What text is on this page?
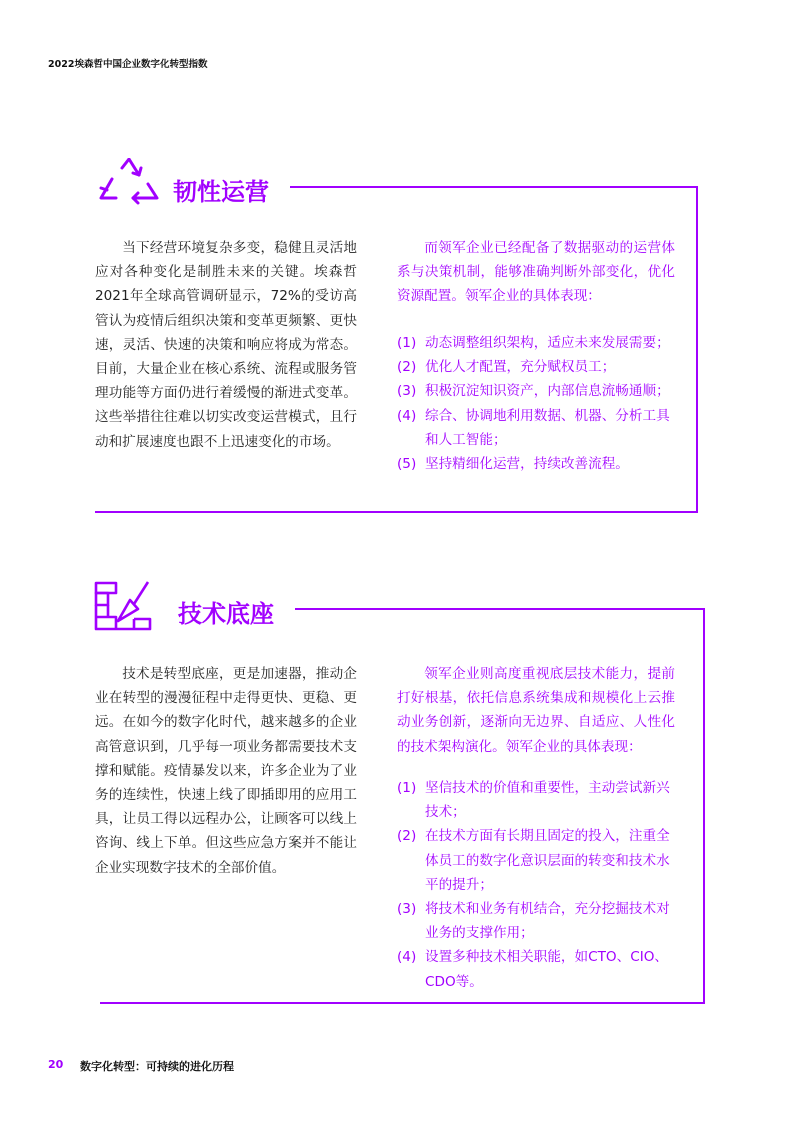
2022埃森哲中国企业数字化转型指数
韧性运营

当下经营环境复杂多变，稳健且灵活地应对各种变化是制胜未来的关键。埃森哲2021年全球高管调研显示，72%的受访高管认为疫情后组织决策和变革更频繁、更快速，灵活、快速的决策和响应将成为常态。目前，大量企业在核心系统、流程或服务管理功能等方面仍进行着缓慢的渐进式变革。这些举措往往难以切实改变运营模式，且行动和扩展速度也跟不上迅速变化的市场。

而领军企业已经配备了数据驱动的运营体系与决策机制，能够准确判断外部变化，优化资源配置。领军企业的具体表现：

(1) 动态调整组织架构，适应未来发展需要；
(2) 优化人才配置，充分赋权员工；
(3) 积极沉淀知识资产，内部信息流畅通顺；
(4) 综合、协调地利用数据、机器、分析工具和人工智能；
(5) 坚持精细化运营，持续改善流程。
技术底座

技术是转型底座，更是加速器，推动企业在转型的漫漫征程中走得更快、更稳、更远。在如今的数字化时代，越来越多的企业高管意识到，几乎每一项业务都需要技术支撑和赋能。疫情暴发以来，许多企业为了业务的连续性，快速上线了即插即用的应用工具，让员工得以远程办公，让顾客可以线上咨询、线上下单。但这些应急方案并不能让企业实现数字技术的全部价值。

领军企业则高度重视底层技术能力，提前打好根基，依托信息系统集成和规模化上云推动业务创新，逐渐向无边界、自适应、人性化的技术架构演化。领军企业的具体表现：

(1) 坚信技术的价值和重要性，主动尝试新兴技术；
(2) 在技术方面有长期且固定的投入，注重全体员工的数字化意识层面的转变和技术水平的提升；
(3) 将技术和业务有机结合，充分挖掘技术对业务的支撑作用；
(4) 设置多种技术相关职能，如CTO、CIO、CDO等。
20 数字化转型：可持续的进化历程
